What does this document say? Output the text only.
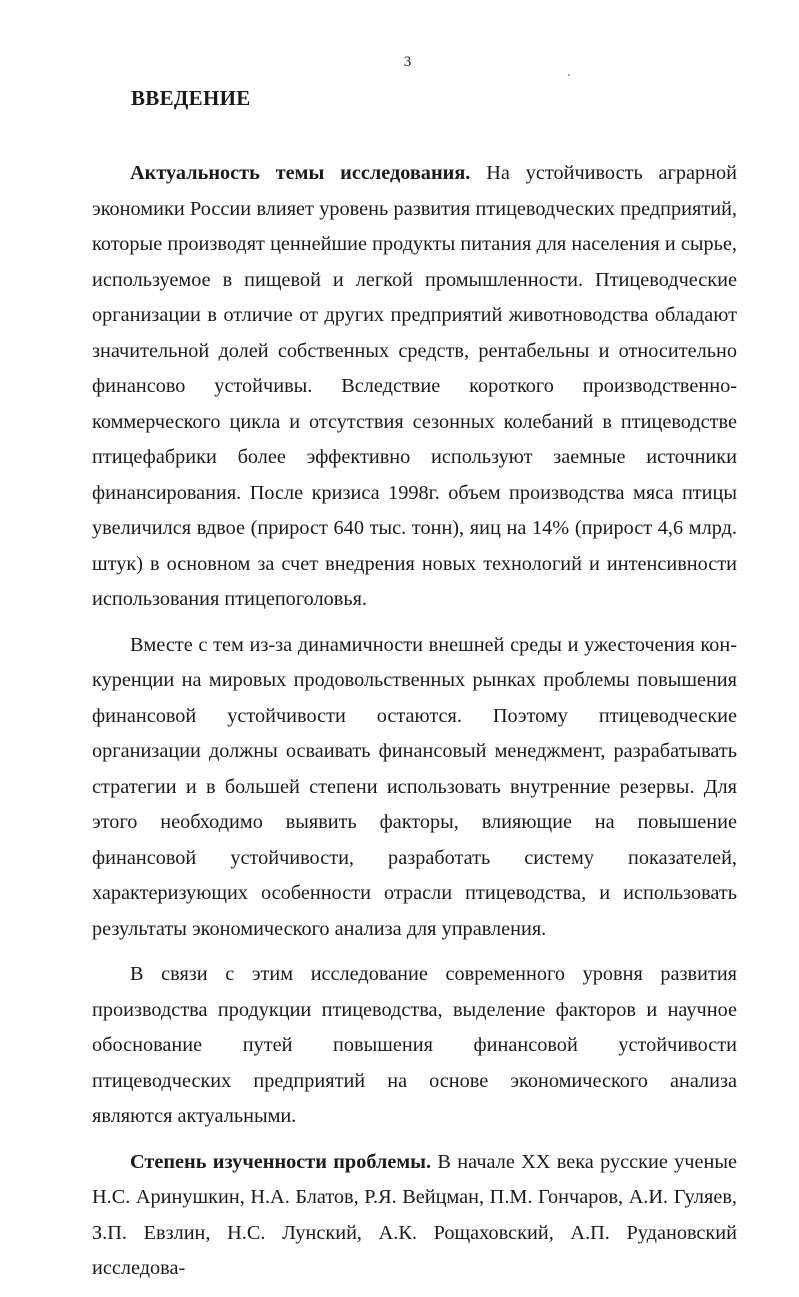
3
ВВЕДЕНИЕ

Актуальность темы исследования. На устойчивость аграрной экономики России влияет уровень развития птицеводческих предприятий, которые производят ценнейшие продукты питания для населения и сырье, используемое в пищевой и легкой промышленности. Птицеводческие организации в отличие от других предприятий животноводства обладают значительной долей собственных средств, рентабельны и относительно финансово устойчивы. Вследствие короткого производственно-коммерческого цикла и отсутствия сезонных колебаний в птицеводстве птицефабрики более эффективно используют заемные источники финансирования. После кризиса 1998г. объем производства мяса птицы увеличился вдвое (прирост 640 тыс. тонн), яиц на 14% (прирост 4,6 млрд. штук) в основном за счет внедрения новых технологий и интенсивности использования птицепоголовья.

Вместе с тем из-за динамичности внешней среды и ужесточения конкуренции на мировых продовольственных рынках проблемы повышения финансовой устойчивости остаются. Поэтому птицеводческие организации должны осваивать финансовый менеджмент, разрабатывать стратегии и в большей степени использовать внутренние резервы. Для этого необходимо выявить факторы, влияющие на повышение финансовой устойчивости, разработать систему показателей, характеризующих особенности отрасли птицеводства, и использовать результаты экономического анализа для управления.

В связи с этим исследование современного уровня развития производства продукции птицеводства, выделение факторов и научное обоснование путей повышения финансовой устойчивости птицеводческих предприятий на основе экономического анализа являются актуальными.

Степень изученности проблемы. В начале XX века русские ученые Н.С. Аринушкин, Н.А. Блатов, Р.Я. Вейцман, П.М. Гончаров, А.И. Гуляев, З.П. Евзлин, Н.С. Лунский, А.К. Рощаховский, А.П. Рудановский исследова-
